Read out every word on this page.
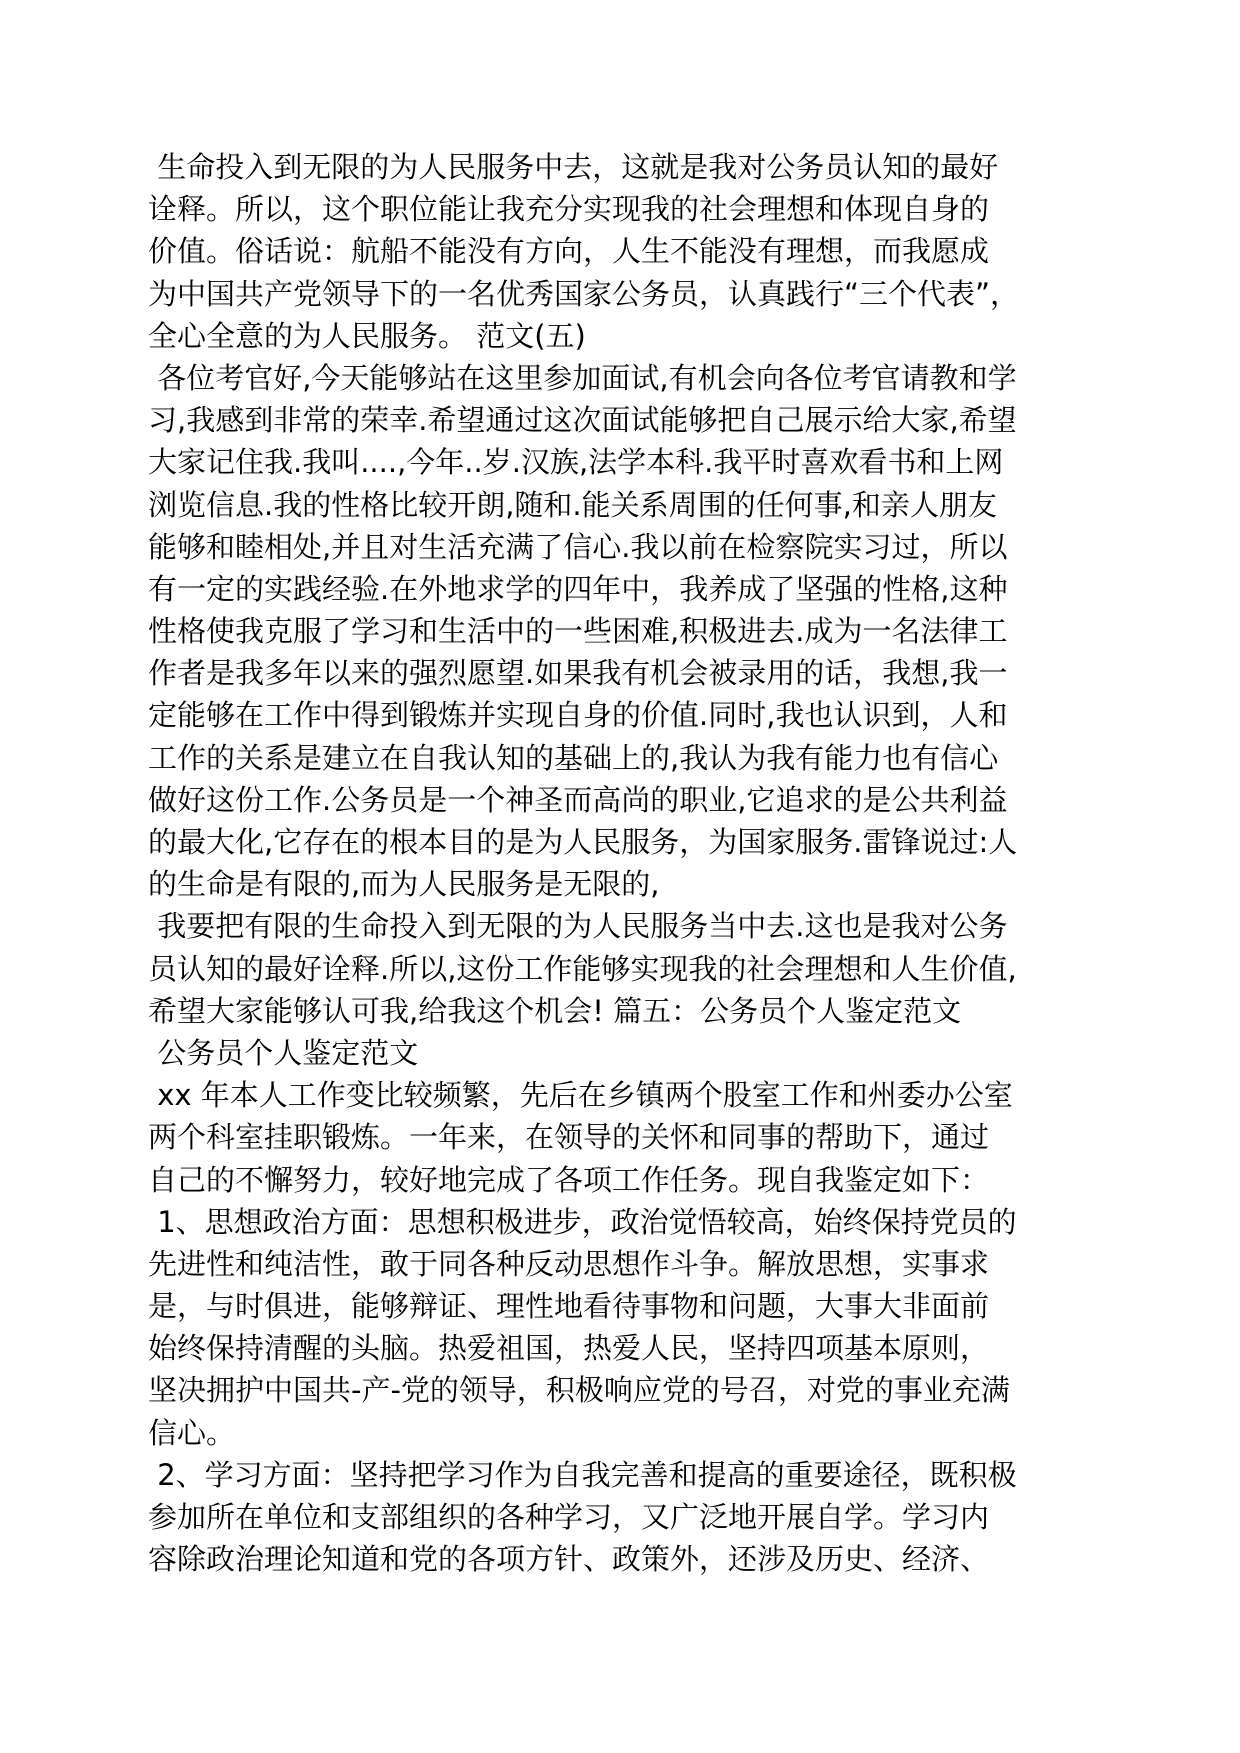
生命投入到无限的为人民服务中去，这就是我对公务员认知的最好
诠释。所以，这个职位能让我充分实现我的社会理想和体现自身的
价值。俗话说：航船不能没有方向，人生不能没有理想，而我愿成
为中国共产党领导下的一名优秀国家公务员，认真践行“三个代表”，
全心全意的为人民服务。 范文(五)
各位考官好,今天能够站在这里参加面试,有机会向各位考官请教和学
习,我感到非常的荣幸.希望通过这次面试能够把自己展示给大家,希望
大家记住我.我叫....,今年..岁.汉族,法学本科.我平时喜欢看书和上网
浏览信息.我的性格比较开朗,随和.能关系周围的任何事,和亲人朋友
能够和睦相处,并且对生活充满了信心.我以前在检察院实习过，所以
有一定的实践经验.在外地求学的四年中，我养成了坚强的性格,这种
性格使我克服了学习和生活中的一些困难,积极进去.成为一名法律工
作者是我多年以来的强烈愿望.如果我有机会被录用的话，我想,我一
定能够在工作中得到锻炼并实现自身的价值.同时,我也认识到，人和
工作的关系是建立在自我认知的基础上的,我认为我有能力也有信心
做好这份工作.公务员是一个神圣而高尚的职业,它追求的是公共利益
的最大化,它存在的根本目的是为人民服务，为国家服务.雷锋说过:人
的生命是有限的,而为人民服务是无限的,
我要把有限的生命投入到无限的为人民服务当中去.这也是我对公务
员认知的最好诠释.所以,这份工作能够实现我的社会理想和人生价值,
希望大家能够认可我,给我这个机会! 篇五：公务员个人鉴定范文
公务员个人鉴定范文
xx 年本人工作变比较频繁，先后在乡镇两个股室工作和州委办公室
两个科室挂职锻炼。一年来，在领导的关怀和同事的帮助下，通过
自己的不懈努力，较好地完成了各项工作任务。现自我鉴定如下：
1、思想政治方面：思想积极进步，政治觉悟较高，始终保持党员的
先进性和纯洁性，敢于同各种反动思想作斗争。解放思想，实事求
是，与时俱进，能够辩证、理性地看待事物和问题，大事大非面前
始终保持清醒的头脑。热爱祖国，热爱人民，坚持四项基本原则，
坚决拥护中国共-产-党的领导，积极响应党的号召，对党的事业充满
信心。
2、学习方面：坚持把学习作为自我完善和提高的重要途径，既积极
参加所在单位和支部组织的各种学习，又广泛地开展自学。学习内
容除政治理论知道和党的各项方针、政策外，还涉及历史、经济、
